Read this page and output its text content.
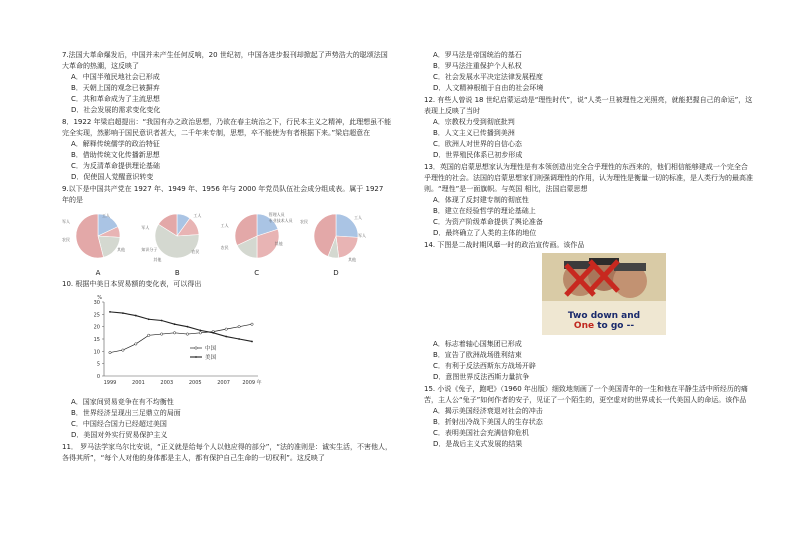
7.法国大革命爆发后，中国并未产生任何反响，20 世纪初，中国各进步报刊却掀起了声势浩大的聪颂法国大革命的热潮，这反映了
A．中国半殖民地社会已形成
B．天朝上国的观念已被摒弃
C．共和革命成为了主流思想
D．社会发展的需求变化变化
8．1922 年梁启超提出：“我国有办之政治思想，乃欲在春主统治之下，行民本主义之精神，此理想虽不能完全实现，然影响于国民意识者甚大，二千年来专制，思想，卒不能使为有者根据下来。”梁启超意在
A．解释传统儒学的政治特征
B．借助传统文化传播新思想
C．为反清革命提供理论基础
D．促使国人觉醒意识转变
9.以下是中国共产党在 1927 年、1949 年、1956 年与 2000 年党员队伍社会成分组成表。属于 1927 年的是
工人
军人
农民
其他
工人
军人
农民
知识分子
其他
管理人员
专业技术人员
工人
农民
其他
工人
农民
军人
其他
A	B	C	D
10. 根据中美日本贸易额的变化表，可以得出
0
5
10
15
20
25
30
%
1999	2001	2003	2005	2007 2009 年
中国
美国
A．国家间贸易竞争在有不均衡性
B．世界经济呈现出三足鼎立的局面
C．中国经合国力已经超过美国
D．美国对外实行贸易保护主义
11． 罗马法学家乌尔比安说，“正义就是给每个人以他应得的部分”，“法的准则是：诚实生活，不害他人，各得其所”，“每个人对他的身体都是主人，都有保护自己生命的一切权利”。这反映了
A．罗马法是帝国统治的基石
B．罗马法注重保护个人私权
C．社会发展水平决定法律发展程度
D．人文精神根植于自由的社会环境
12. 有些人曾说 18 世纪启蒙运动是“理性时代”，说“人类一旦被理性之光照亮，就能把握自己的命运”，这表现上反映了当时
A．宗教权力受到彻底批判
B．人文主义已传播到美洲
C．欧洲人对世界的自信心态
D．世界殖民体系已初步形成
13．英国的启蒙思想家认为理性是有本领创造出完全合乎理性的东西来的，他们相信能够建成一个完全合乎理性的社会。法国的启蒙思想家们则强调理性的作用，认为理性是衡量一切的标准，是人类行为的最高准则。“理性”是一面旗帜。与英国 相比，法国启蒙思想
A．体现了反封建专制的彻底性
B．建立在经验哲学的理论基础上
C．为资产阶级革命提供了舆论准备
D．最终确立了人类的主体的地位
14. 下图是二战时期风靡一时的政治宣传画。该作品
Two down and
One to go --
A．标志着轴心国集团已形成
B．宣告了欧洲战场胜利结束
C．有利于反法西斯东方战场开辟
D．意图世界反法西斯力量抗争
15. 小说《兔子，跑吧》（1960 年出版）细致地刻画了一个美国青年的一生和他在平静生活中所经历的痛苦，主人公“兔子”如何作者的安子，见证了一个陌生的，更空虚对的世界成长一代美国人的命运。该作品
A．揭示美国经济衰退对社会的冲击
B．折射出冷战下美国人的生存状态
C．表明美国社会充满信仰危机
D．是战后主义式发展的结果
